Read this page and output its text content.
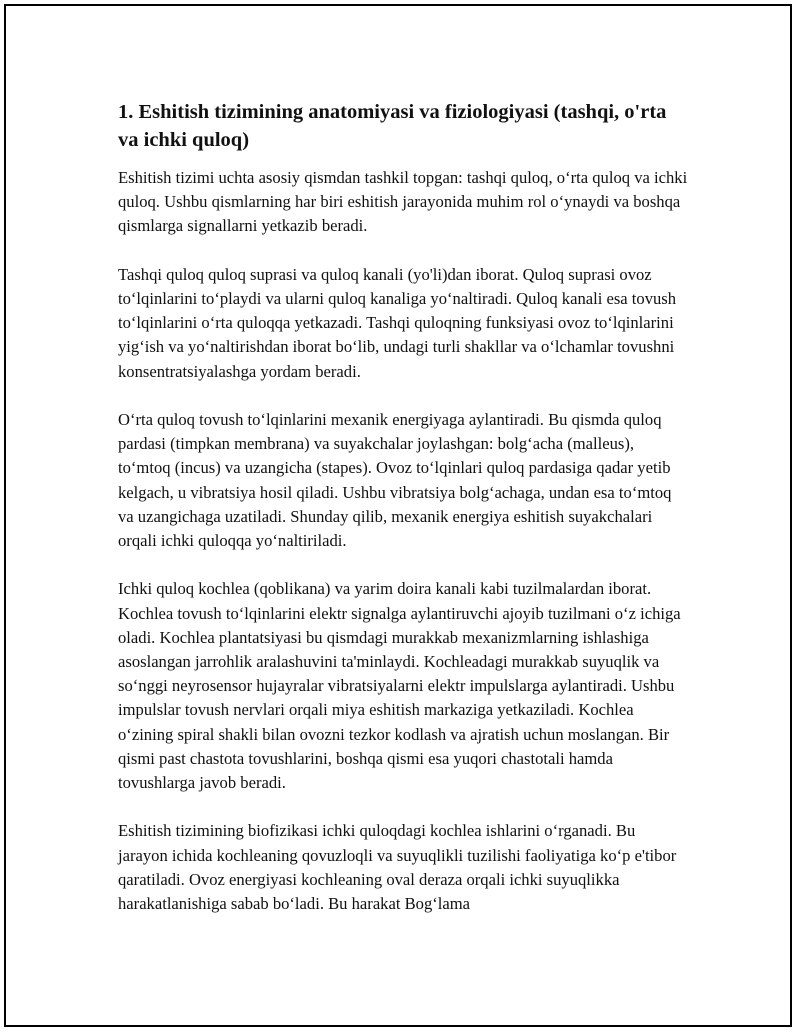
1. Eshitish tizimining anatomiyasi va fiziologiyasi (tashqi, o'rta va ichki quloq)

Eshitish tizimi uchta asosiy qismdan tashkil topgan: tashqi quloq, o‘rta quloq va ichki quloq. Ushbu qismlarning har biri eshitish jarayonida muhim rol o‘ynaydi va boshqa qismlarga signallarni yetkazib beradi.

Tashqi quloq quloq suprasi va quloq kanali (yo'li)dan iborat. Quloq suprasi ovoz to‘lqinlarini to‘playdi va ularni quloq kanaliga yo‘naltiradi. Quloq kanali esa tovush to‘lqinlarini o‘rta quloqqa yetkazadi. Tashqi quloqning funksiyasi ovoz to‘lqinlarini yig‘ish va yo‘naltirishdan iborat bo‘lib, undagi turli shakllar va o‘lchamlar tovushni konsentratsiyalashga yordam beradi.

O‘rta quloq tovush to‘lqinlarini mexanik energiyaga aylantiradi. Bu qismda quloq pardasi (timpkan membrana) va suyakchalar joylashgan: bolg‘acha (malleus), to‘mtoq (incus) va uzangicha (stapes). Ovoz to‘lqinlari quloq pardasiga qadar yetib kelgach, u vibratsiya hosil qiladi. Ushbu vibratsiya bolg‘achaga, undan esa to‘mtoq va uzangichaga uzatiladi. Shunday qilib, mexanik energiya eshitish suyakchalari orqali ichki quloqqa yo‘naltiriladi.

Ichki quloq kochlea (qoblikana) va yarim doira kanali kabi tuzilmalardan iborat. Kochlea tovush to‘lqinlarini elektr signalga aylantiruvchi ajoyib tuzilmani o‘z ichiga oladi. Kochlea plantatsiyasi bu qismdagi murakkab mexanizmlarning ishlashiga asoslangan jarrohlik aralashuvini ta'minlaydi. Kochleadagi murakkab suyuqlik va so‘nggi neyrosensor hujayralar vibratsiyalarni elektr impulslarga aylantiradi. Ushbu impulslar tovush nervlari orqali miya eshitish markaziga yetkaziladi. Kochlea o‘zining spiral shakli bilan ovozni tezkor kodlash va ajratish uchun moslangan. Bir qismi past chastota tovushlarini, boshqa qismi esa yuqori chastotali hamda tovushlarga javob beradi.

Eshitish tizimining biofizikasi ichki quloqdagi kochlea ishlarini o‘rganadi. Bu jarayon ichida kochleaning qovuzloqli va suyuqlikli tuzilishi faoliyatiga ko‘p e'tibor qaratiladi. Ovoz energiyasi kochleaning oval deraza orqali ichki suyuqlikka harakatlanishiga sabab bo‘ladi. Bu harakat Bog‘lama
